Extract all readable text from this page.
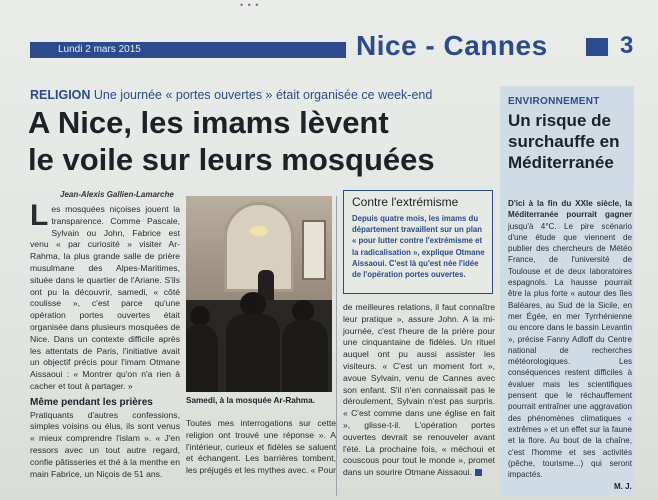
• • •
Lundi 2 mars 2015	Nice - Cannes	3
RELIGION Une journée « portes ouvertes » était organisée ce week-end
A Nice, les imams lèvent
le voile sur leurs mosquées
Jean-Alexis Gallien-Lamarche
L es mosquées niçoises jouent la transparence. Comme Pascale, Sylvain ou John, Fabrice est venu « par curiosité » visiter Ar-Rahma, la plus grande salle de prière musulmane des Alpes-Maritimes, située dans le quartier de l'Ariane. S'ils ont pu la découvrir, samedi, « côté coulisse », c'est parce qu'une opération portes ouvertes était organisée dans plusieurs mosquées de Nice. Dans un contexte difficile après les attentats de Paris, l'initiative avait un objectif précis pour l'imam Otmane Aissaoui : « Montrer qu'on n'a rien à cacher et tout à partager. »
Même pendant les prières
Pratiquants d'autres confessions, simples voisins ou élus, ils sont venus « mieux comprendre l'islam ». « J'en ressors avec un tout autre regard, confie pâtisseries et thé à la menthe en main Fabrice, un Niçois de 51 ans.
Samedi, à la mosquée Ar-Rahma.
Contre l'extrémisme
Depuis quatre mois, les imams du département travaillent sur un plan « pour lutter contre l'extrémisme et la radicalisation », explique Otmane Aissaoui. C'est là qu'est née l'idée de l'opération portes ouvertes.
de meilleures relations, il faut connaître leur pratique », assure John. A la mi-journée, c'est l'heure de la prière pour une cinquantaine de fidèles. Un rituel auquel ont pu aussi assister les visiteurs. « C'est un moment fort », avoue Sylvain, venu de Cannes avec son enfant. S'il n'en connaissait pas le déroulement, Sylvain n'est pas surpris. « C'est comme dans une église en fait », glisse-t-il. L'opération portes ouvertes devrait se renouveler avant l'été. La prochaine fois, « méchoui et couscous pour tout le monde », promet dans un sourire Otmane Aissaoui.
Toutes mes interrogations sur cette religion ont trouvé une réponse ». A l'intérieur, curieux et fidèles se saluent et échangent. Les barrières tombent, les préjugés et les mythes avec. « Pour
ENVIRONNEMENT
Un risque de surchauffe en Méditerranée
D'ici à la fin du XXIe siècle, la Méditerranée pourrait gagner jusqu'à 4°C. Le pire scénario d'une étude que viennent de publier des chercheurs de Météo France, de l'université de Toulouse et de deux laboratoires espagnols. La hausse pourrait être la plus forte « autour des îles Baléares, au Sud de la Sicile, en mer Égée, en mer Tyrrhénienne ou encore dans le bassin Levantin », précise Fanny Adloff du Centre national de recherches météorologiques. Les conséquences restent difficiles à évaluer mais les scientifiques pensent que le réchauffement pourrait entraîner une aggravation des phénomènes climatiques « extrêmes » et un effet sur la faune et la flore. Au bout de la chaîne, c'est l'homme et ses activités (pêche, tourisme...) qui seront impactés.
M. J.
